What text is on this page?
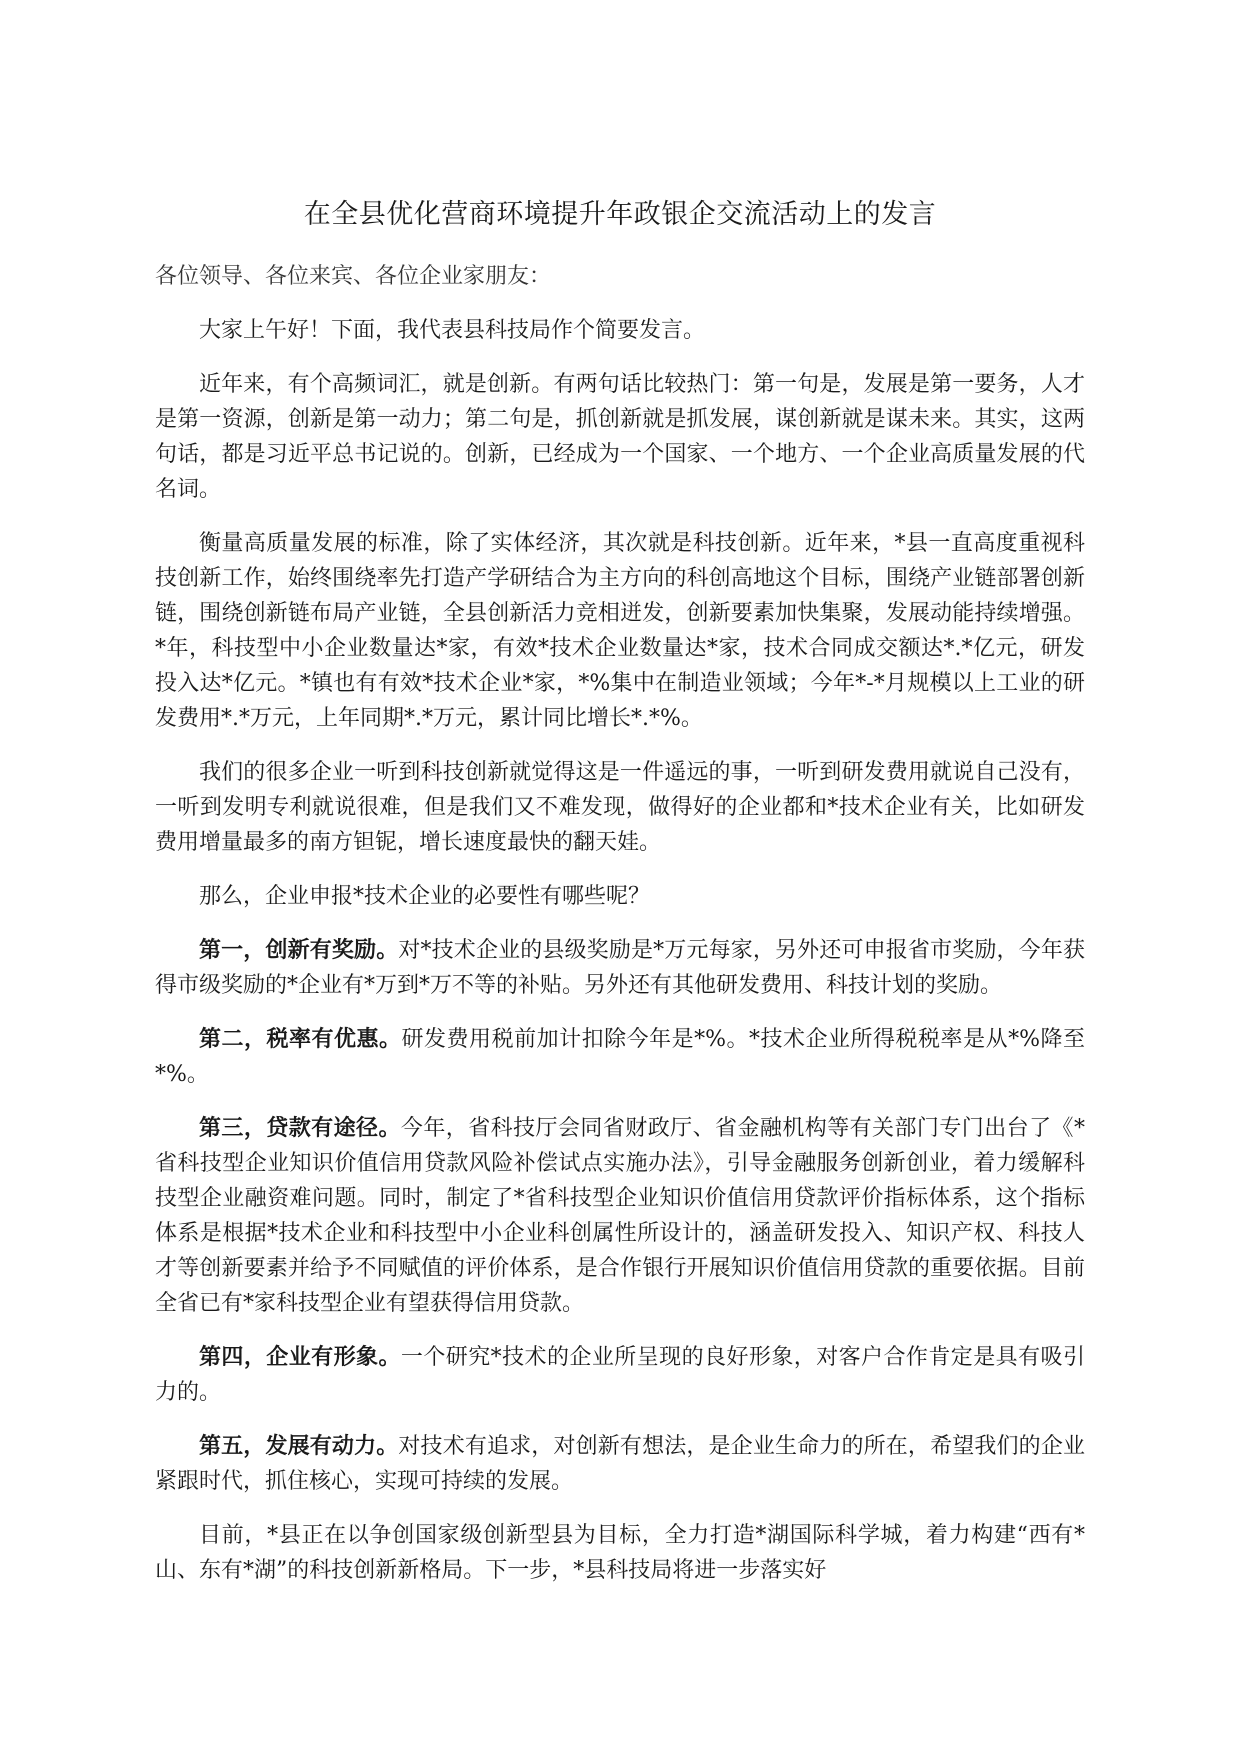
在全县优化营商环境提升年政银企交流活动上的发言
各位领导、各位来宾、各位企业家朋友：

大家上午好！下面，我代表县科技局作个简要发言。

近年来，有个高频词汇，就是创新。有两句话比较热门：第一句是，发展是第一要务，人才是第一资源，创新是第一动力；第二句是，抓创新就是抓发展，谋创新就是谋未来。其实，这两句话，都是习近平总书记说的。创新，已经成为一个国家、一个地方、一个企业高质量发展的代名词。

衡量高质量发展的标准，除了实体经济，其次就是科技创新。近年来，*县一直高度重视科技创新工作，始终围绕率先打造产学研结合为主方向的科创高地这个目标，围绕产业链部署创新链，围绕创新链布局产业链，全县创新活力竞相迸发，创新要素加快集聚，发展动能持续增强。*年，科技型中小企业数量达*家，有效*技术企业数量达*家，技术合同成交额达*.*亿元，研发投入达*亿元。*镇也有有效*技术企业*家，*%集中在制造业领域；今年*-*月规模以上工业的研发费用*.*万元，上年同期*.*万元，累计同比增长*.*%。

我们的很多企业一听到科技创新就觉得这是一件遥远的事，一听到研发费用就说自己没有，一听到发明专利就说很难，但是我们又不难发现，做得好的企业都和*技术企业有关，比如研发费用增量最多的南方钽铌，增长速度最快的翻天娃。

那么，企业申报*技术企业的必要性有哪些呢？

第一，创新有奖励。对*技术企业的县级奖励是*万元每家，另外还可申报省市奖励，今年获得市级奖励的*企业有*万到*万不等的补贴。另外还有其他研发费用、科技计划的奖励。

第二，税率有优惠。研发费用税前加计扣除今年是*%。*技术企业所得税税率是从*%降至*%。

第三，贷款有途径。今年，省科技厅会同省财政厅、省金融机构等有关部门专门出台了《*省科技型企业知识价值信用贷款风险补偿试点实施办法》，引导金融服务创新创业，着力缓解科技型企业融资难问题。同时，制定了*省科技型企业知识价值信用贷款评价指标体系，这个指标体系是根据*技术企业和科技型中小企业科创属性所设计的，涵盖研发投入、知识产权、科技人才等创新要素并给予不同赋值的评价体系，是合作银行开展知识价值信用贷款的重要依据。目前全省已有*家科技型企业有望获得信用贷款。

第四，企业有形象。一个研究*技术的企业所呈现的良好形象，对客户合作肯定是具有吸引力的。

第五，发展有动力。对技术有追求，对创新有想法，是企业生命力的所在，希望我们的企业紧跟时代，抓住核心，实现可持续的发展。

目前，*县正在以争创国家级创新型县为目标，全力打造*湖国际科学城，着力构建“西有*山、东有*湖”的科技创新新格局。下一步，*县科技局将进一步落实好
